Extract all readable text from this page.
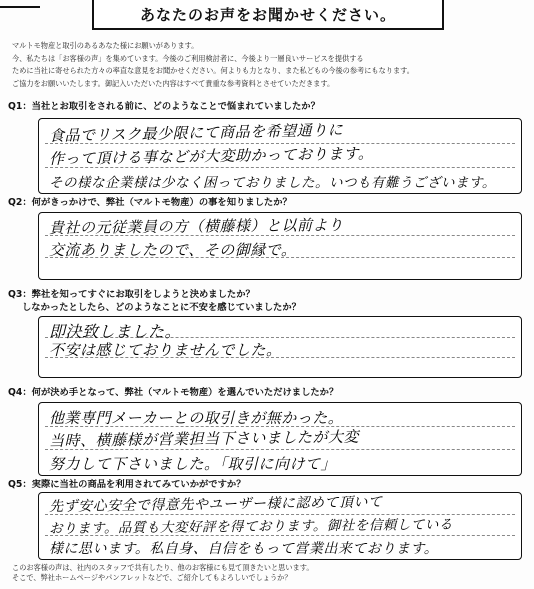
あなたのお声をお聞かせください。

マルトモ物産と取引のあるあなた様にお願いがあります。

今、私たちは「お客様の声」を集めています。今後のご利用検討者に、今後より一層良いサービスを提供する

ために当社に寄せられた方々の率直な意見をお聞かせください。何よりも力となり、また私どもの今後の参考にもなります。

ご協力をお願いいたします。御記入いただいた内容はすべて貴重な参考資料とさせていただきます。

Q1：当社とお取引をされる前に、どのようなことで悩まれていましたか？
食品でリスク最少限にて商品を希望通りに
作って頂ける事などが大変助かっております。
その様な企業様は少なく困っておりました。いつも有難うございます。
Q2：何がきっかけで、弊社（マルトモ物産）の事を知りましたか？
貴社の元従業員の方（横藤様）と以前より
交流ありましたので、その御縁で。
Q3：弊社を知ってすぐにお取引をしようと決めましたか？
しなかったとしたら、どのようなことに不安を感じていましたか？
即決致しました。
不安は感じておりませんでした。
Q4：何が決め手となって、弊社（マルトモ物産）を選んでいただけましたか？
他業専門メーカーとの取引きが無かった。
当時、横藤様が営業担当下さいましたが大変
努力して下さいました。「取引に向けて」
Q5：実際に当社の商品を利用されてみていかがですか？
先ず安心安全で得意先やユーザー様に認めて頂いて
おります。品質も大変好評を得ております。御社を信頼している
様に思います。私自身、自信をもって営業出来ております。

このお客様の声は、社内のスタッフで共有したり、他のお客様にも見て頂きたいと思います。

そこで、弊社ホームページやパンフレットなどで、ご紹介してもよろしいでしょうか？
